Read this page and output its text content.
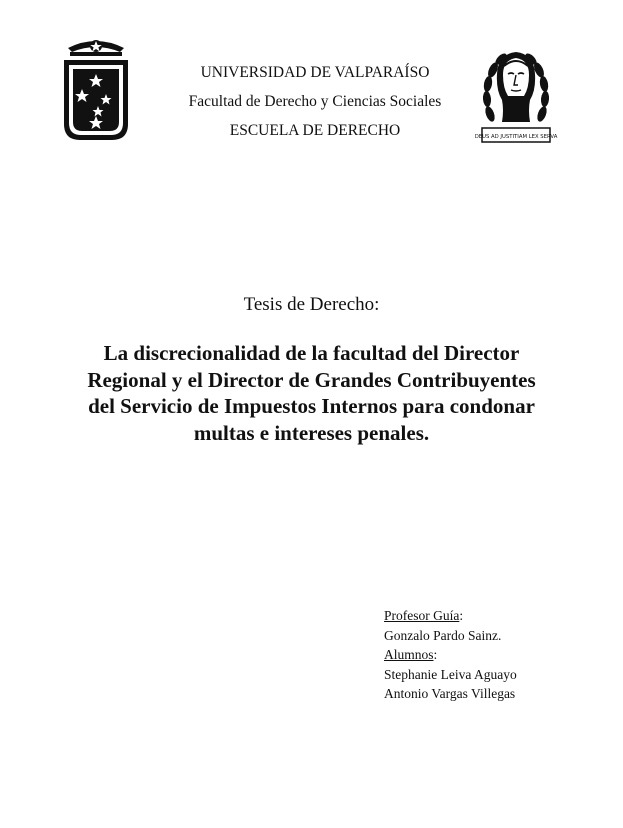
UNIVERSIDAD DE VALPARAÍSO
Facultad de Derecho y Ciencias Sociales
ESCUELA DE DERECHO	DEUS AD JUSTITIAM LEX SERVA
Tesis de Derecho:
La discrecionalidad de la facultad del Director
Regional y el Director de Grandes Contribuyentes
del Servicio de Impuestos Internos para condonar
multas e intereses penales.
Profesor Guía:
Gonzalo Pardo Sainz.
Alumnos:
Stephanie Leiva Aguayo
Antonio Vargas Villegas
